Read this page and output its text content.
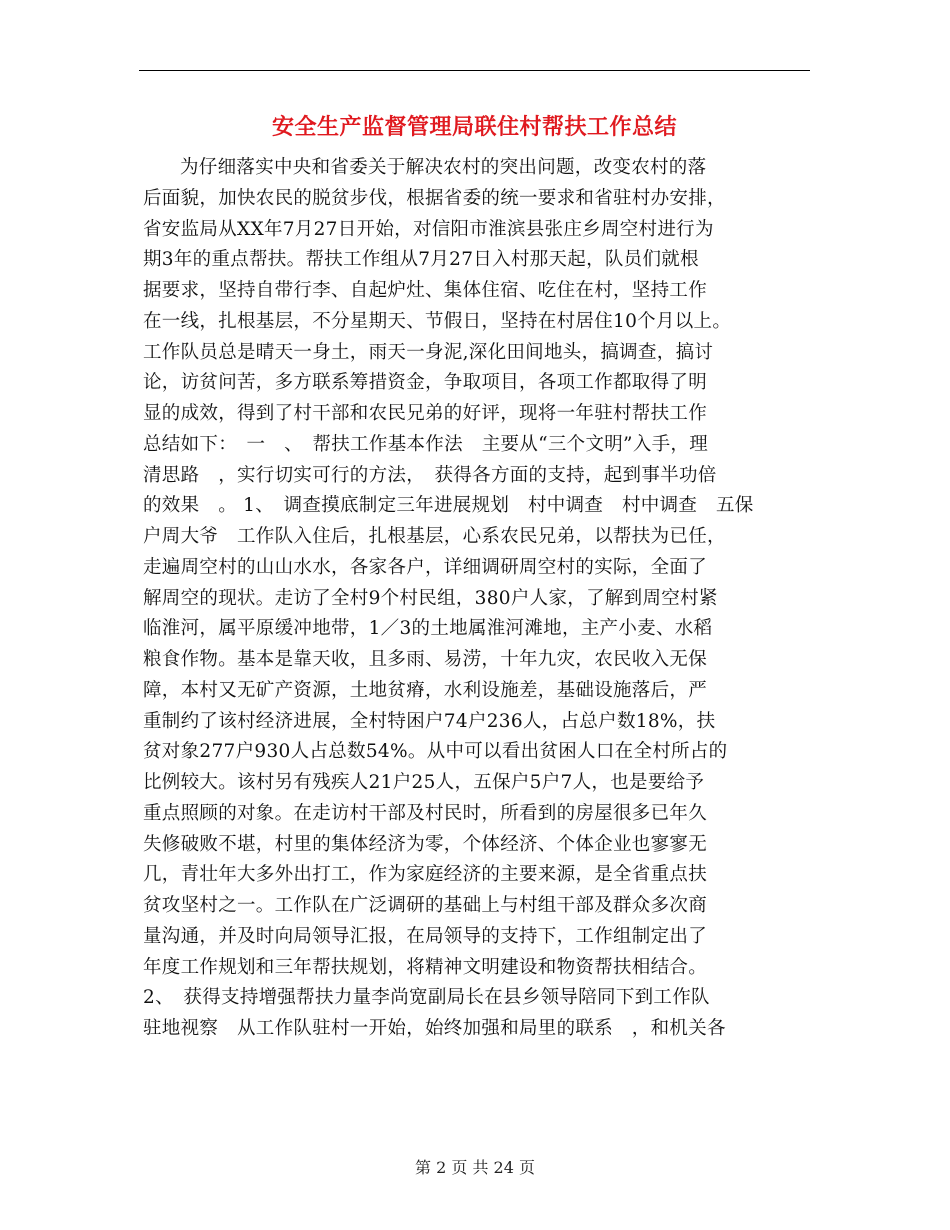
安全生产监督管理局联住村帮扶工作总结
为仔细落实中央和省委关于解决农村的突出问题，改变农村的落
后面貌，加快农民的脱贫步伐，根据省委的统一要求和省驻村办安排，
省安监局从XX年7月27日开始，对信阳市淮滨县张庄乡周空村进行为
期3年的重点帮扶。帮扶工作组从7月27日入村那天起，队员们就根
据要求，坚持自带行李、自起炉灶、集体住宿、吃住在村，坚持工作
在一线，扎根基层，不分星期天、节假日，坚持在村居住10个月以上。
工作队员总是晴天一身土，雨天一身泥,深化田间地头，搞调查，搞讨
论，访贫问苦，多方联系筹措资金，争取项目，各项工作都取得了明
显的成效，得到了村干部和农民兄弟的好评，现将一年驻村帮扶工作
总结如下：　一　、　帮扶工作基本作法　主要从“三个文明”入手，理
清思路　，实行切实可行的方法，　获得各方面的支持，起到事半功倍
的效果　。 1、　调查摸底制定三年进展规划　村中调查　村中调查　五保
户周大爷　工作队入住后，扎根基层，心系农民兄弟，以帮扶为已任，
走遍周空村的山山水水，各家各户，详细调研周空村的实际，全面了
解周空的现状。走访了全村9个村民组，380户人家，了解到周空村紧
临淮河，属平原缓冲地带，1／3的土地属淮河滩地，主产小麦、水稻
粮食作物。基本是靠天收，且多雨、易涝，十年九灾，农民收入无保
障，本村又无矿产资源，土地贫瘠，水利设施差，基础设施落后，严
重制约了该村经济进展，全村特困户74户236人，占总户数18%，扶
贫对象277户930人占总数54%。从中可以看出贫困人口在全村所占的
比例较大。该村另有残疾人21户25人，五保户5户7人，也是要给予
重点照顾的对象。在走访村干部及村民时，所看到的房屋很多已年久
失修破败不堪，村里的集体经济为零，个体经济、个体企业也寥寥无
几，青壮年大多外出打工，作为家庭经济的主要来源，是全省重点扶
贫攻坚村之一。工作队在广泛调研的基础上与村组干部及群众多次商
量沟通，并及时向局领导汇报，在局领导的支持下，工作组制定出了
年度工作规划和三年帮扶规划，将精神文明建设和物资帮扶相结合。
2、　获得支持增强帮扶力量李尚宽副局长在县乡领导陪同下到工作队
驻地视察　从工作队驻村一开始，始终加强和局里的联系　，和机关各
第 2 页 共 24 页
